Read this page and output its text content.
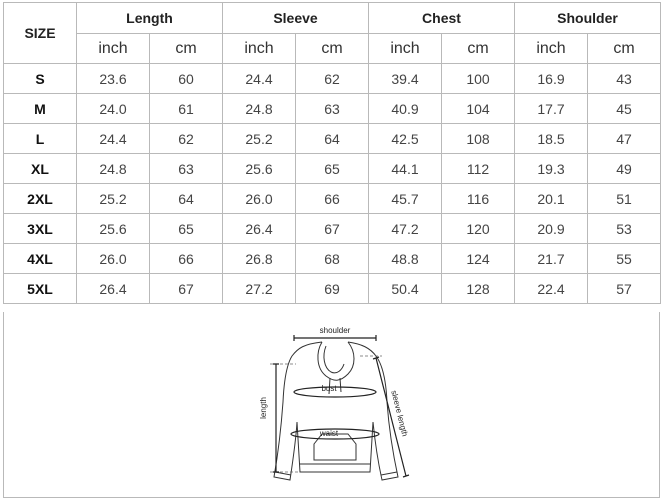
SIZE	Length		Sleeve		Chest		Shoulder	
	inch	cm	inch	cm	inch	cm	inch	cm
S	23.6	60	24.4	62	39.4	100	16.9	43
M	24.0	61	24.8	63	40.9	104	17.7	45
L	24.4	62	25.2	64	42.5	108	18.5	47
XL	24.8	63	25.6	65	44.1	112	19.3	49
2XL	25.2	64	26.0	66	45.7	116	20.1	51
3XL	25.6	65	26.4	67	47.2	120	20.9	53
4XL	26.0	66	26.8	68	48.8	124	21.7	55
5XL	26.4	67	27.2	69	50.4	128	22.4	57
shoulder
bust
waist
length	sleeve length
